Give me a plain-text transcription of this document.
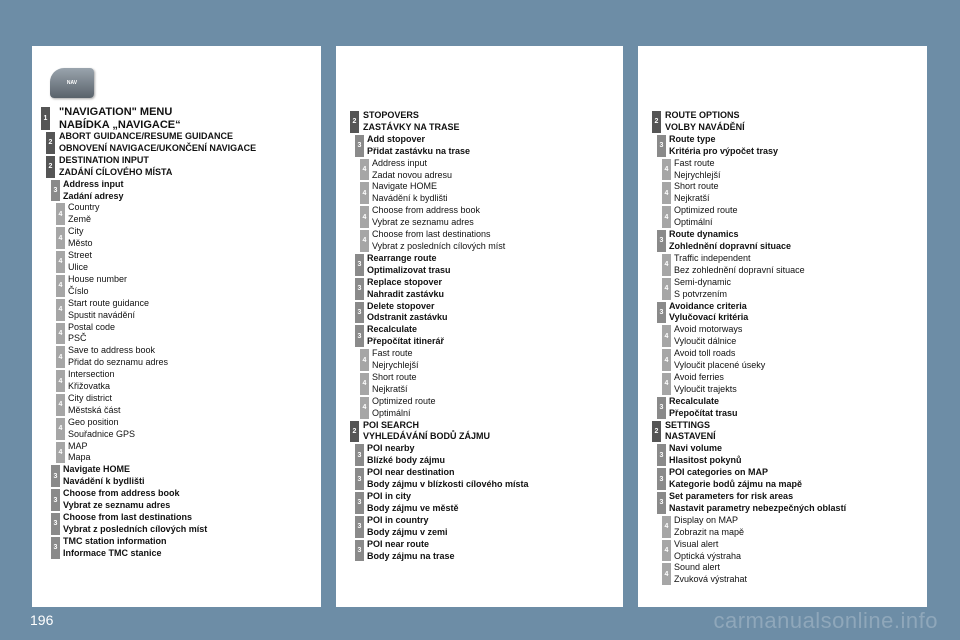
NAV
1
"NAVIGATION" MENU
NABÍDKA „NAVIGACE“
2
ABORT GUIDANCE/RESUME GUIDANCE
OBNOVENÍ NAVIGACE/UKONČENÍ NAVIGACE
2
DESTINATION INPUT
ZADÁNÍ CÍLOVÉHO MÍSTA
3
Address input
Zadání adresy
4
Country
Země
4
City
Město
4
Street
Ulice
4
House number
Číslo
4
Start route guidance
Spustit navádění
4
Postal code
PSČ
4
Save to address book
Přidat do seznamu adres
4
Intersection
Křižovatka
4
City district
Městská část
4
Geo position
Souřadnice GPS
4
MAP
Mapa
3
Navigate HOME
Navádění k bydlišti
3
Choose from address book
Vybrat ze seznamu adres
3
Choose from last destinations
Vybrat z posledních cílových míst
3
TMC station information
Informace TMC stanice
2
STOPOVERS
ZASTÁVKY NA TRASE
3
Add stopover
Přidat zastávku na trase
4
Address input
Zadat novou adresu
4
Navigate HOME
Navádění k bydlišti
4
Choose from address book
Vybrat ze seznamu adres
4
Choose from last destinations
Vybrat z posledních cílových míst
3
Rearrange route
Optimalizovat trasu
3
Replace stopover
Nahradit zastávku
3
Delete stopover
Odstranit zastávku
3
Recalculate
Přepočítat itinerář
4
Fast route
Nejrychlejší
4
Short route
Nejkratší
4
Optimized route
Optimální
2
POI SEARCH
VYHLEDÁVÁNÍ BODŮ ZÁJMU
3
POI nearby
Blízké body zájmu
3
POI near destination
Body zájmu v blízkosti cílového místa
3
POI in city
Body zájmu ve městě
3
POI in country
Body zájmu v zemi
3
POI near route
Body zájmu na trase
2
ROUTE OPTIONS
VOLBY NAVÁDĚNÍ
3
Route type
Kritéria pro výpočet trasy
4
Fast route
Nejrychlejší
4
Short route
Nejkratší
4
Optimized route
Optimální
3
Route dynamics
Zohlednění dopravní situace
4
Traffic independent
Bez zohlednění dopravní situace
4
Semi-dynamic
S potvrzením
3
Avoidance criteria
Vylučovací kritéria
4
Avoid motorways
Vyloučit dálnice
4
Avoid toll roads
Vyloučit placené úseky
4
Avoid ferries
Vyloučit trajekts
3
Recalculate
Přepočítat trasu
2
SETTINGS
NASTAVENÍ
3
Navi volume
Hlasitost pokynů
3
POI categories on MAP
Kategorie bodů zájmu na mapě
3
Set parameters for risk areas
Nastavit parametry nebezpečných oblastí
4
Display on MAP
Zobrazit na mapě
4
Visual alert
Optická výstraha
4
Sound alert
Zvuková výstrahat
196	carmanualsonline.info
